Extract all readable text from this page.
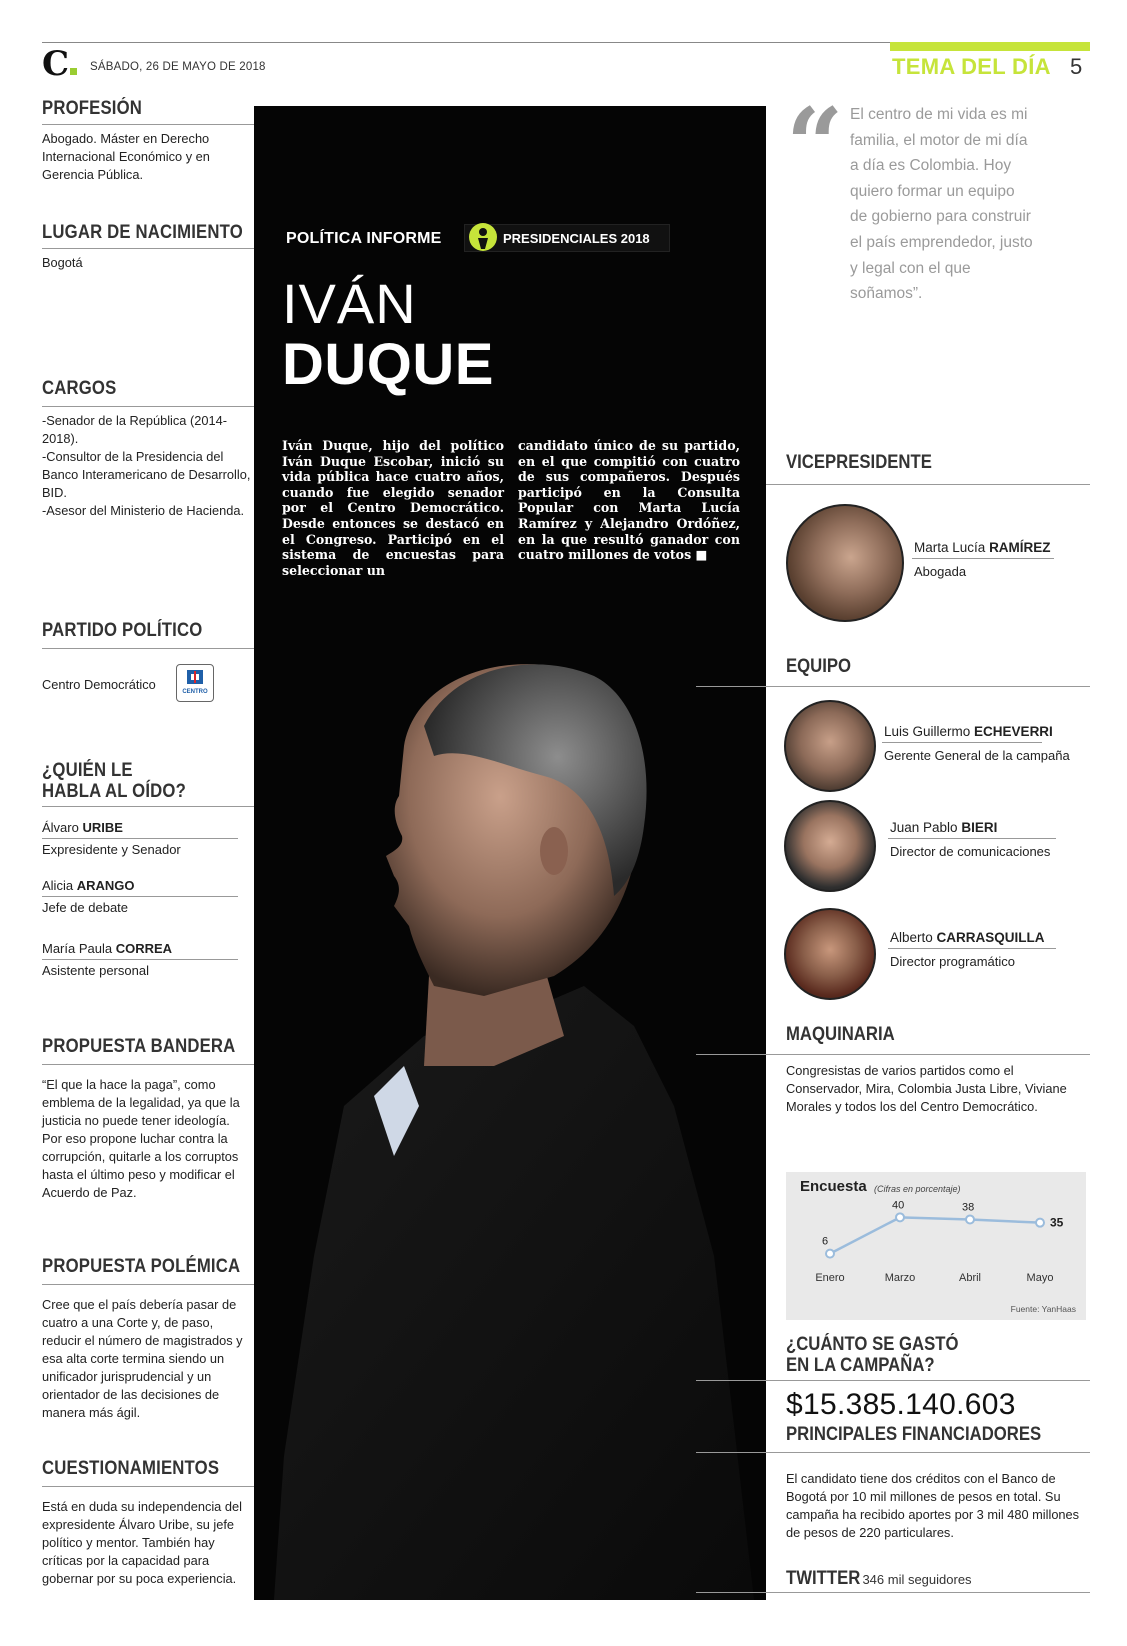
C	SÁBADO, 26 DE MAYO DE 2018	TEMA DEL DÍA 5
PROFESIÓN
Abogado. Máster en Derecho Internacional Económico y en Gerencia Pública.
LUGAR DE NACIMIENTO
Bogotá
CARGOS
-Senador de la República (2014-2018).
-Consultor de la Presidencia del Banco Interamericano de Desarrollo, BID.
-Asesor del Ministerio de Hacienda.
PARTIDO POLÍTICO
Centro Democrático	CENTRO
¿QUIÉN LE
HABLA AL OÍDO?
Álvaro URIBE
Expresidente y Senador
Alicia ARANGO
Jefe de debate
María Paula CORREA
Asistente personal
PROPUESTA BANDERA
“El que la hace la paga”, como emblema de la legalidad, ya que la justicia no puede tener ideología. Por eso propone luchar contra la corrupción, quitarle a los corruptos hasta el último peso y modificar el Acuerdo de Paz.
PROPUESTA POLÉMICA
Cree que el país debería pasar de cuatro a una Corte y, de paso, reducir el número de magistrados y esa alta corte termina siendo un unificador jurisprudencial y un orientador de las decisiones de manera más ágil.
CUESTIONAMIENTOS
Está en duda su independencia del expresidente Álvaro Uribe, su jefe político y mentor. También hay críticas por la capacidad para gobernar por su poca experiencia.
POLÍTICA INFORME	PRESIDENCIALES 2018
IVÁN
DUQUE
Iván Duque, hijo del político Iván Duque Escobar, inició su vida pública hace cuatro años, cuando fue elegido senador por el Centro Democrático. Desde entonces se destacó en el Congreso. Participó en el sistema de encuestas para seleccionar un
candidato único de su partido, en el que compitió con cuatro de sus compañeros. Después participó en la Consulta Popular con Marta Lucía Ramírez y Alejandro Ordóñez, en la que resultó ganador con cuatro millones de votos ■
“ El centro de mi vida es mi familia, el motor de mi día a día es Colombia. Hoy quiero formar un equipo de gobierno para construir el país emprendedor, justo y legal con el que soñamos”.
VICEPRESIDENTE
Marta Lucía RAMÍREZ
Abogada
EQUIPO
Luis Guillermo ECHEVERRI
Gerente General de la campaña
Juan Pablo BIERI
Director de comunicaciones
Alberto CARRASQUILLA
Director programático
MAQUINARIA
Congresistas de varios partidos como el Conservador, Mira, Colombia Justa Libre, Viviane Morales y todos los del Centro Democrático.
Encuesta (Cifras en porcentaje)
6
Enero
40
Marzo
38
Abril
35
Mayo
Fuente: YanHaas
¿CUÁNTO SE GASTÓ
EN LA CAMPAÑA?
$15.385.140.603
PRINCIPALES FINANCIADORES
El candidato tiene dos créditos con el Banco de Bogotá por 10 mil millones de pesos en total. Su campaña ha recibido aportes por 3 mil 480 millones de pesos de 220 particulares.
TWITTER 346 mil seguidores
